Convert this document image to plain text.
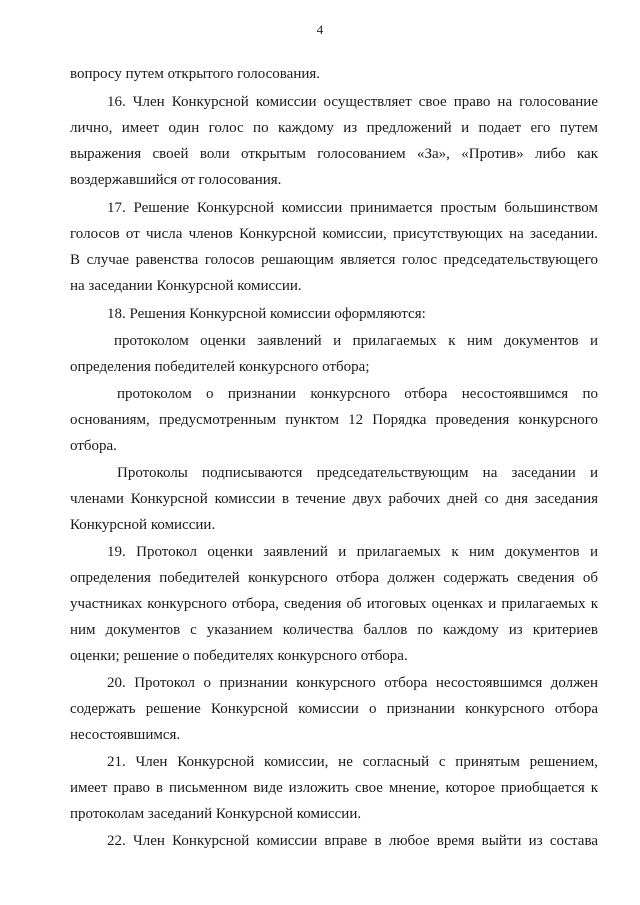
4

вопросу путем открытого голосования.

16. Член Конкурсной комиссии осуществляет свое право на голосование

лично, имеет один голос по каждому из предложений и подает его путем

выражения своей воли открытым голосованием «За», «Против» либо как

воздержавшийся от голосования.

17. Решение Конкурсной комиссии принимается простым большинством

голосов от числа членов Конкурсной комиссии, присутствующих на заседании.

В случае равенства голосов решающим является голос председательствующего

на заседании Конкурсной комиссии.

18. Решения Конкурсной комиссии оформляются:

протоколом оценки заявлений и прилагаемых к ним документов и

определения победителей конкурсного отбора;

протоколом о признании конкурсного отбора несостоявшимся по

основаниям, предусмотренным пунктом 12 Порядка проведения конкурсного

отбора.

Протоколы подписываются председательствующим на заседании и

членами Конкурсной комиссии в течение двух рабочих дней со дня заседания

Конкурсной комиссии.

19. Протокол оценки заявлений и прилагаемых к ним документов и

определения победителей конкурсного отбора должен содержать сведения об

участниках конкурсного отбора, сведения об итоговых оценках и прилагаемых к

ним документов с указанием количества баллов по каждому из критериев

оценки; решение о победителях конкурсного отбора.

20. Протокол о признании конкурсного отбора несостоявшимся должен

содержать решение Конкурсной комиссии о признании конкурсного отбора

несостоявшимся.

21. Член Конкурсной комиссии, не согласный с принятым решением,

имеет право в письменном виде изложить свое мнение, которое приобщается к

протоколам заседаний Конкурсной комиссии.

22. Член Конкурсной комиссии вправе в любое время выйти из состава
